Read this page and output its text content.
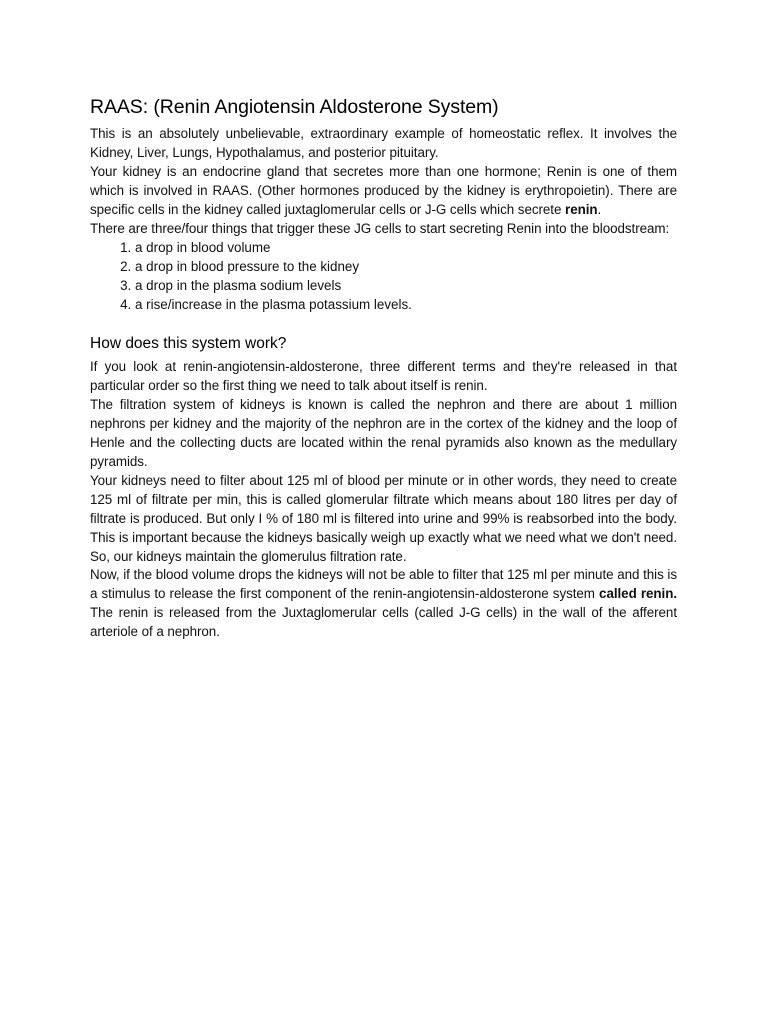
RAAS: (Renin Angiotensin Aldosterone System)

This is an absolutely unbelievable, extraordinary example of homeostatic reflex. It involves the Kidney, Liver, Lungs, Hypothalamus, and posterior pituitary.

Your kidney is an endocrine gland that secretes more than one hormone; Renin is one of them which is involved in RAAS. (Other hormones produced by the kidney is erythropoietin). There are specific cells in the kidney called juxtaglomerular cells or J-G cells which secrete renin.

There are three/four things that trigger these JG cells to start secreting Renin into the bloodstream:

1. a drop in blood volume
2. a drop in blood pressure to the kidney
3. a drop in the plasma sodium levels
4. a rise/increase in the plasma potassium levels.
How does this system work?

If you look at renin-angiotensin-aldosterone, three different terms and they're released in that particular order so the first thing we need to talk about itself is renin.

The filtration system of kidneys is known is called the nephron and there are about 1 million nephrons per kidney and the majority of the nephron are in the cortex of the kidney and the loop of Henle and the collecting ducts are located within the renal pyramids also known as the medullary pyramids.

Your kidneys need to filter about 125 ml of blood per minute or in other words, they need to create 125 ml of filtrate per min, this is called glomerular filtrate which means about 180 litres per day of filtrate is produced. But only I % of 180 ml is filtered into urine and 99% is reabsorbed into the body. This is important because the kidneys basically weigh up exactly what we need what we don't need. So, our kidneys maintain the glomerulus filtration rate.

Now, if the blood volume drops the kidneys will not be able to filter that 125 ml per minute and this is a stimulus to release the first component of the renin-angiotensin-aldosterone system called renin. The renin is released from the Juxtaglomerular cells (called J-G cells) in the wall of the afferent arteriole of a nephron.
